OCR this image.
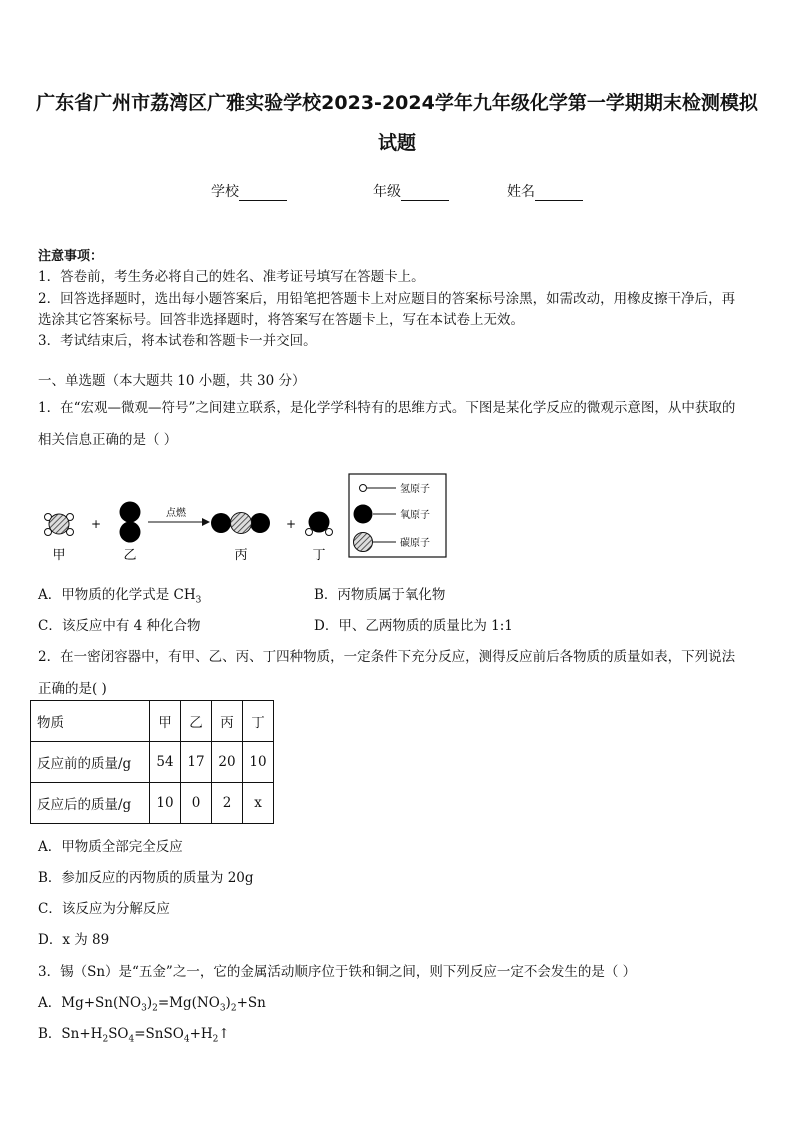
广东省广州市荔湾区广雅实验学校2023-2024学年九年级化学第一学期期末检测模拟
试题
学校	年级	姓名
注意事项：
1．答卷前，考生务必将自己的姓名、准考证号填写在答题卡上。
2．回答选择题时，选出每小题答案后，用铅笔把答题卡上对应题目的答案标号涂黑，如需改动，用橡皮擦干净后，再
选涂其它答案标号。回答非选择题时，将答案写在答题卡上，写在本试卷上无效。
3．考试结束后，将本试卷和答题卡一并交回。
一、单选题（本大题共 10 小题，共 30 分）
1．在“宏观—微观—符号”之间建立联系，是化学学科特有的思维方式。下图是某化学反应的微观示意图，从中获取的
相关信息正确的是（ ）
甲
+
乙
点燃
丙
+
丁
氢原子
氧原子
碳原子
A．甲物质的化学式是 $CH_3$	B．丙物质属于氧化物
C．该反应中有 4 种化合物	D．甲、乙两物质的质量比为 1:1
2．在一密闭容器中，有甲、乙、丙、丁四种物质，一定条件下充分反应，测得反应前后各物质的质量如表，下列说法
正确的是( )
物质	甲	乙	丙	丁
反应前的质量/g	54	17	20	10
反应后的质量/g	10	0	2	x
A．甲物质全部完全反应
B．参加反应的丙物质的质量为 20g
C．该反应为分解反应
D．x 为 89
3．锡（Sn）是“五金”之一，它的金属活动顺序位于铁和铜之间，则下列反应一定不会发生的是（ ）
A．$Mg+Sn(NO_3)_2=Mg(NO_3)_2+Sn$
B．$Sn+H_2SO_4=SnSO_4+H_2↑$
